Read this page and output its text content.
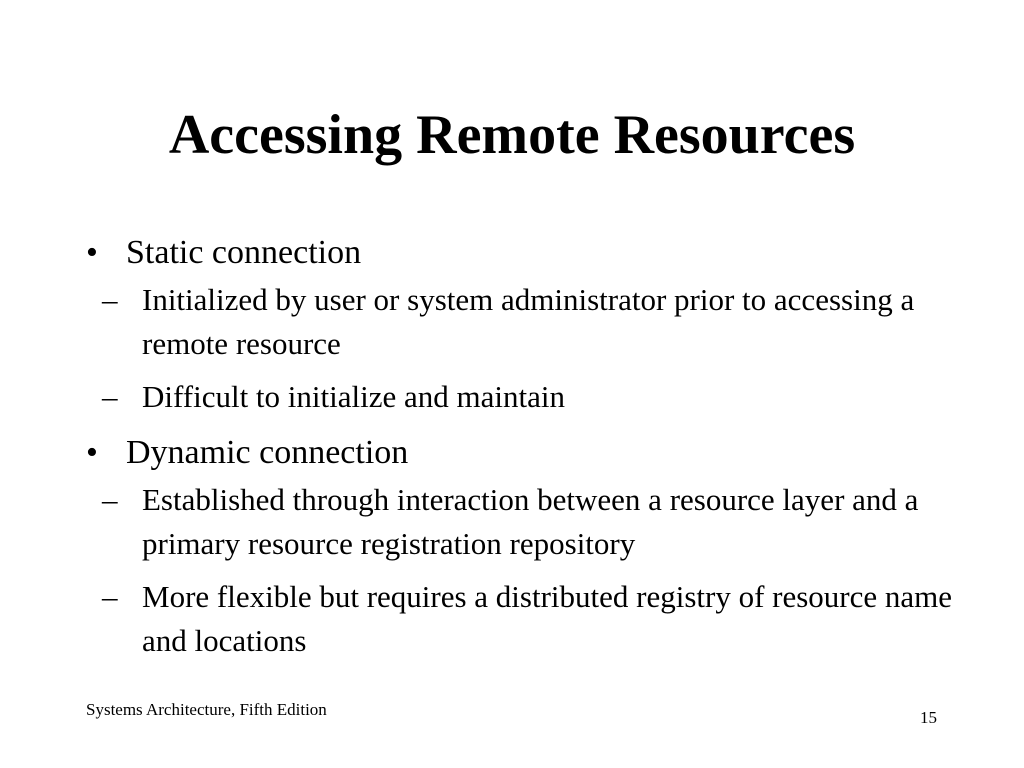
Accessing Remote Resources
• Static connection
– Initialized by user or system administrator prior to accessing a remote resource
– Difficult to initialize and maintain
• Dynamic connection
– Established through interaction between a resource layer and a primary resource registration repository
– More flexible but requires a distributed registry of resource name and locations
Systems Architecture, Fifth Edition	15
